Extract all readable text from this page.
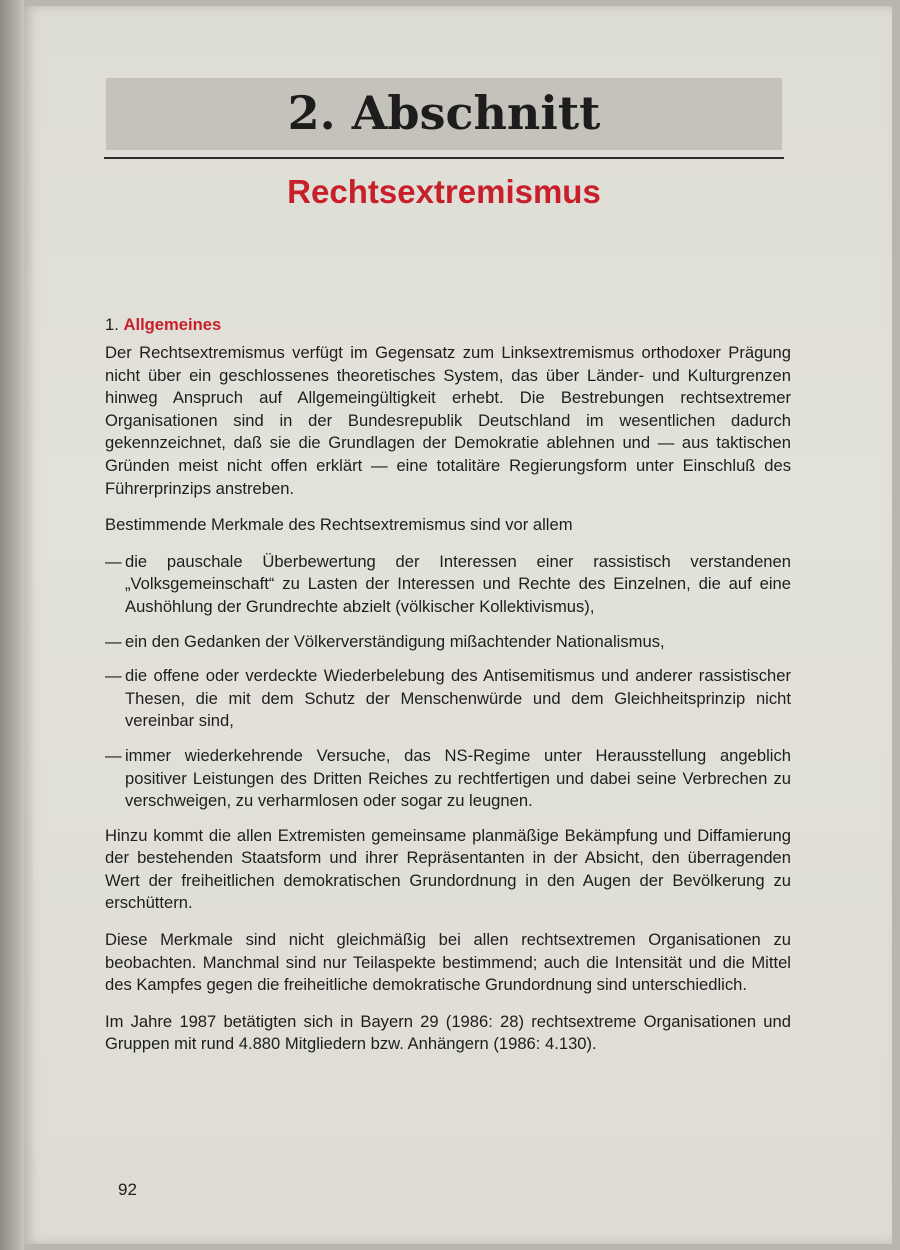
2. Abschnitt
Rechtsextremismus
1. Allgemeines

Der Rechtsextremismus verfügt im Gegensatz zum Linksextremismus orthodoxer Prägung nicht über ein geschlossenes theoretisches System, das über Länder- und Kulturgrenzen hinweg Anspruch auf Allgemeingültigkeit erhebt. Die Bestrebungen rechtsextremer Organisationen sind in der Bundesrepublik Deutschland im wesentlichen dadurch gekennzeichnet, daß sie die Grundlagen der Demokratie ablehnen und — aus taktischen Gründen meist nicht offen erklärt — eine totalitäre Regierungsform unter Einschluß des Führerprinzips anstreben.

Bestimmende Merkmale des Rechtsextremismus sind vor allem

— die pauschale Überbewertung der Interessen einer rassistisch verstandenen „Volksgemeinschaft“ zu Lasten der Interessen und Rechte des Einzelnen, die auf eine Aushöhlung der Grundrechte abzielt (völkischer Kollektivismus),
— ein den Gedanken der Völkerverständigung mißachtender Nationalismus,
— die offene oder verdeckte Wiederbelebung des Antisemitismus und anderer rassistischer Thesen, die mit dem Schutz der Menschenwürde und dem Gleichheitsprinzip nicht vereinbar sind,
— immer wiederkehrende Versuche, das NS-Regime unter Herausstellung angeblich positiver Leistungen des Dritten Reiches zu rechtfertigen und dabei seine Verbrechen zu verschweigen, zu verharmlosen oder sogar zu leugnen.

Hinzu kommt die allen Extremisten gemeinsame planmäßige Bekämpfung und Diffamierung der bestehenden Staatsform und ihrer Repräsentanten in der Absicht, den überragenden Wert der freiheitlichen demokratischen Grundordnung in den Augen der Bevölkerung zu erschüttern.

Diese Merkmale sind nicht gleichmäßig bei allen rechtsextremen Organisationen zu beobachten. Manchmal sind nur Teilaspekte bestimmend; auch die Intensität und die Mittel des Kampfes gegen die freiheitliche demokratische Grundordnung sind unterschiedlich.

Im Jahre 1987 betätigten sich in Bayern 29 (1986: 28) rechtsextreme Organisationen und Gruppen mit rund 4.880 Mitgliedern bzw. Anhängern (1986: 4.130).

92
